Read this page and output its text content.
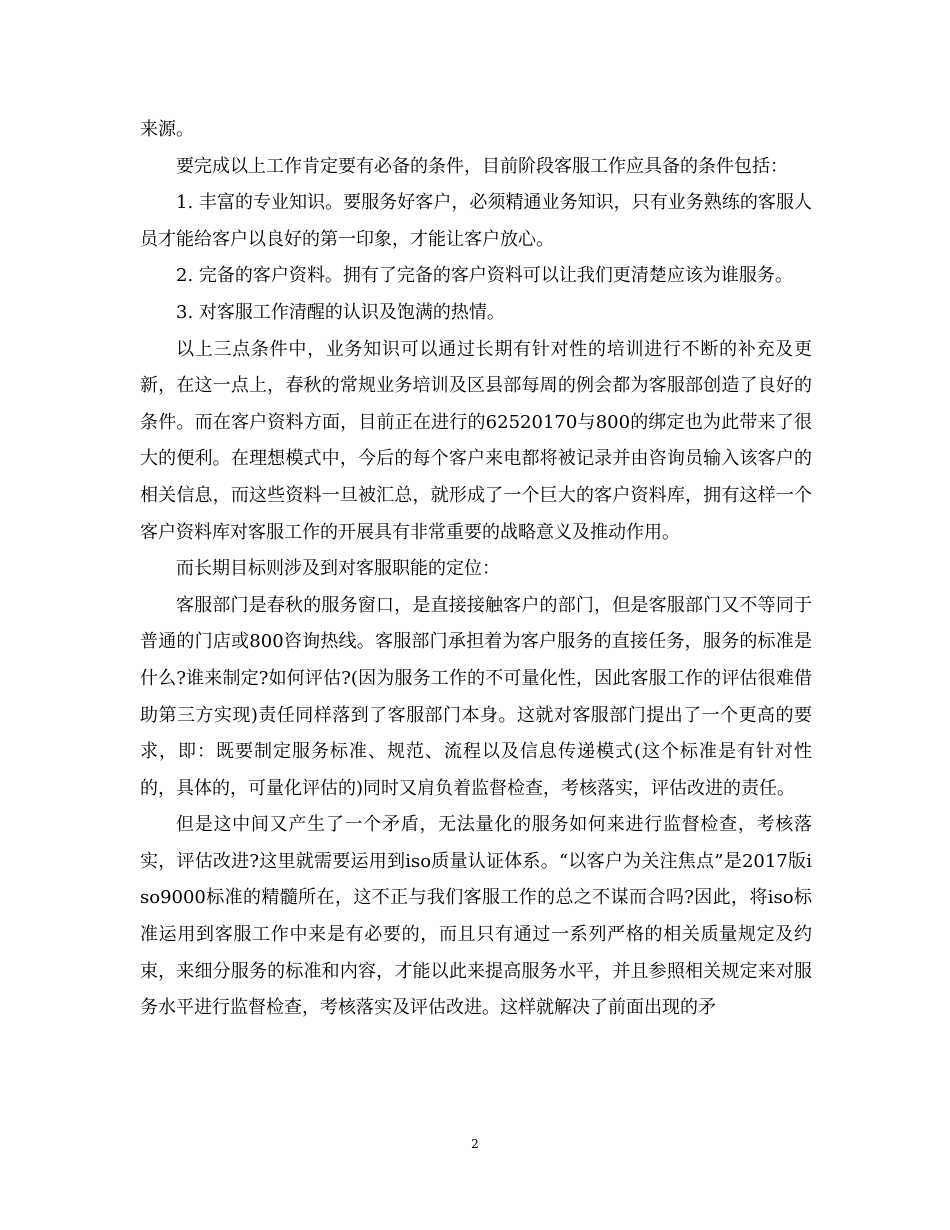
来源。

要完成以上工作肯定要有必备的条件，目前阶段客服工作应具备的条件包括：

1. 丰富的专业知识。要服务好客户，必须精通业务知识，只有业务熟练的客服人员才能给客户以良好的第一印象，才能让客户放心。

2. 完备的客户资料。拥有了完备的客户资料可以让我们更清楚应该为谁服务。

3. 对客服工作清醒的认识及饱满的热情。

以上三点条件中，业务知识可以通过长期有针对性的培训进行不断的补充及更新，在这一点上，春秋的常规业务培训及区县部每周的例会都为客服部创造了良好的条件。而在客户资料方面，目前正在进行的62520170与800的绑定也为此带来了很大的便利。在理想模式中，今后的每个客户来电都将被记录并由咨询员输入该客户的相关信息，而这些资料一旦被汇总，就形成了一个巨大的客户资料库，拥有这样一个客户资料库对客服工作的开展具有非常重要的战略意义及推动作用。

而长期目标则涉及到对客服职能的定位：

客服部门是春秋的服务窗口，是直接接触客户的部门，但是客服部门又不等同于普通的门店或800咨询热线。客服部门承担着为客户服务的直接任务，服务的标准是什么?谁来制定?如何评估?(因为服务工作的不可量化性，因此客服工作的评估很难借助第三方实现)责任同样落到了客服部门本身。这就对客服部门提出了一个更高的要求，即：既要制定服务标准、规范、流程以及信息传递模式(这个标准是有针对性的，具体的，可量化评估的)同时又肩负着监督检查，考核落实，评估改进的责任。

但是这中间又产生了一个矛盾，无法量化的服务如何来进行监督检查，考核落实，评估改进?这里就需要运用到iso质量认证体系。“以客户为关注焦点”是2017版iso9000标准的精髓所在，这不正与我们客服工作的总之不谋而合吗?因此，将iso标准运用到客服工作中来是有必要的，而且只有通过一系列严格的相关质量规定及约束，来细分服务的标准和内容，才能以此来提高服务水平，并且参照相关规定来对服务水平进行监督检查，考核落实及评估改进。这样就解决了前面出现的矛

2
